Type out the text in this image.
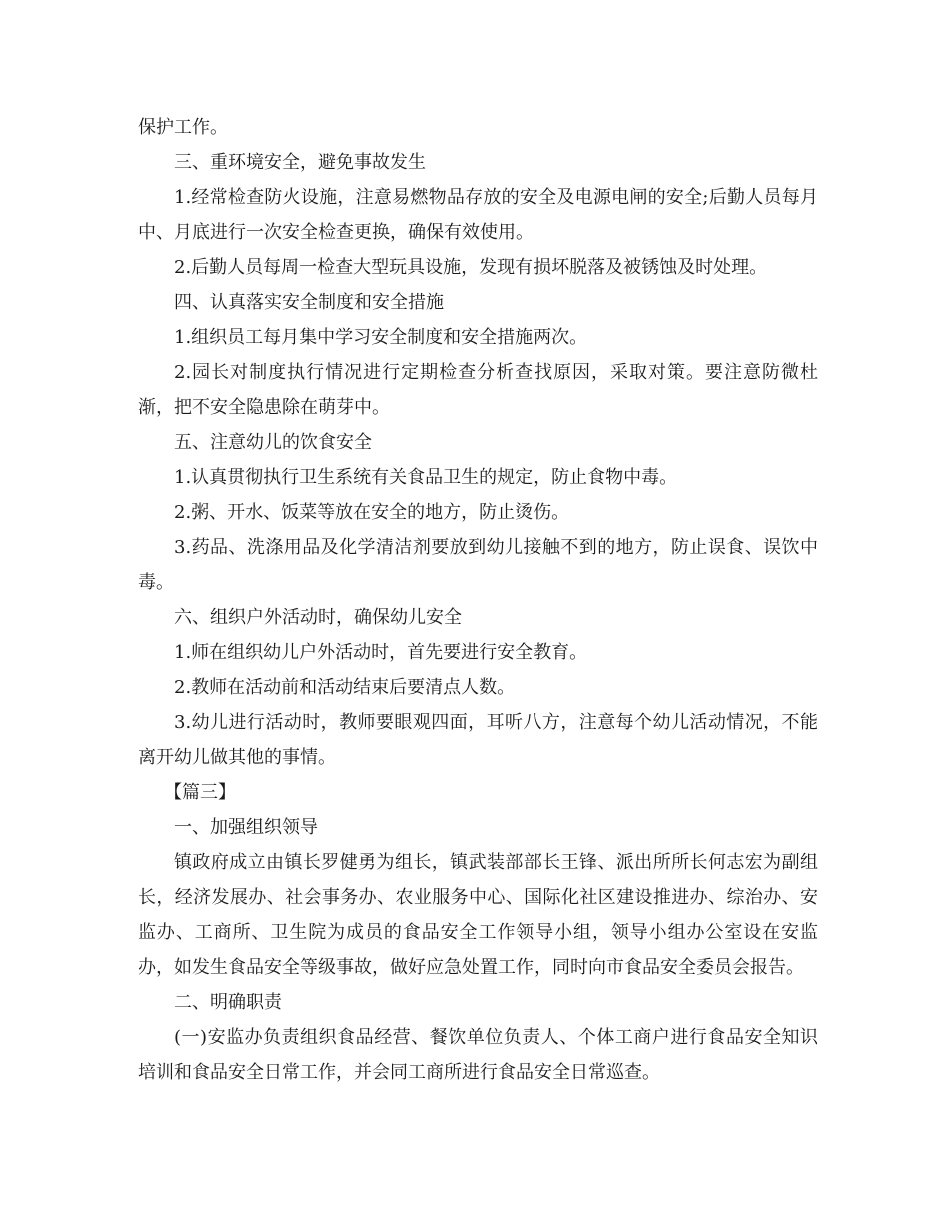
保护工作。

三、重环境安全，避免事故发生

1.经常检查防火设施，注意易燃物品存放的安全及电源电闸的安全;后勤人员每月中、月底进行一次安全检查更换，确保有效使用。

2.后勤人员每周一检查大型玩具设施，发现有损坏脱落及被锈蚀及时处理。

四、认真落实安全制度和安全措施

1.组织员工每月集中学习安全制度和安全措施两次。

2.园长对制度执行情况进行定期检查分析查找原因，采取对策。要注意防微杜渐，把不安全隐患除在萌芽中。

五、注意幼儿的饮食安全

1.认真贯彻执行卫生系统有关食品卫生的规定，防止食物中毒。

2.粥、开水、饭菜等放在安全的地方，防止烫伤。

3.药品、洗涤用品及化学清洁剂要放到幼儿接触不到的地方，防止误食、误饮中毒。

六、组织户外活动时，确保幼儿安全

1.师在组织幼儿户外活动时，首先要进行安全教育。

2.教师在活动前和活动结束后要清点人数。

3.幼儿进行活动时，教师要眼观四面，耳听八方，注意每个幼儿活动情况，不能离开幼儿做其他的事情。

【篇三】

一、加强组织领导

镇政府成立由镇长罗健勇为组长，镇武装部部长王锋、派出所所长何志宏为副组长，经济发展办、社会事务办、农业服务中心、国际化社区建设推进办、综治办、安监办、工商所、卫生院为成员的食品安全工作领导小组，领导小组办公室设在安监办，如发生食品安全等级事故，做好应急处置工作，同时向市食品安全委员会报告。

二、明确职责

(一)安监办负责组织食品经营、餐饮单位负责人、个体工商户进行食品安全知识培训和食品安全日常工作，并会同工商所进行食品安全日常巡查。
